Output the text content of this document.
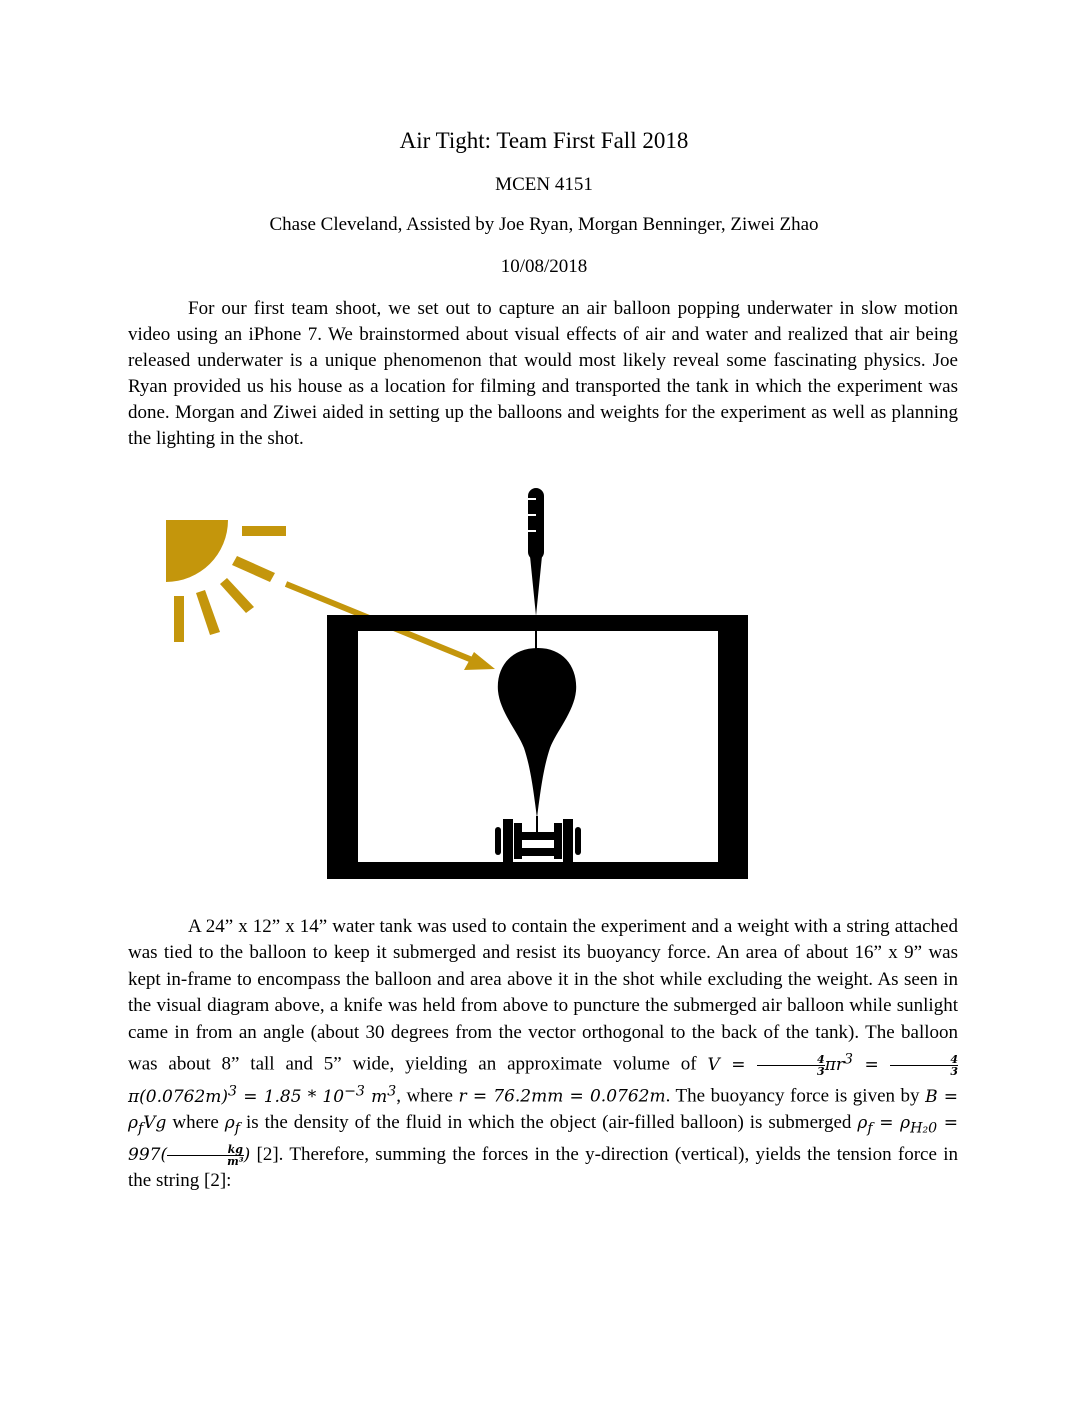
Air Tight: Team First Fall 2018
MCEN 4151
Chase Cleveland, Assisted by Joe Ryan, Morgan Benninger, Ziwei Zhao
10/08/2018

For our first team shoot, we set out to capture an air balloon popping underwater in slow motion video using an iPhone 7. We brainstormed about visual effects of air and water and realized that air being released underwater is a unique phenomenon that would most likely reveal some fascinating physics. Joe Ryan provided us his house as a location for filming and transported the tank in which the experiment was done. Morgan and Ziwei aided in setting up the balloons and weights for the experiment as well as planning the lighting in the shot.

A 24” x 12” x 14” water tank was used to contain the experiment and a weight with a string attached was tied to the balloon to keep it submerged and resist its buoyancy force. An area of about 16” x 9” was kept in-frame to encompass the balloon and area above it in the shot while excluding the weight. As seen in the visual diagram above, a knife was held from above to puncture the submerged air balloon while sunlight came in from an angle (about 30 degrees from the vector orthogonal to the back of the tank). The balloon was about 8” tall and 5” wide, yielding an approximate volume of $V = \frac{4}{3} \pi r^3 = \frac{4}{3}$
$\pi(0.0762m)^3 = 1.85 * 10^{-3}$ $m^3$, where r = 76.2mm = 0.0762m. The buoyancy force is given by $B = \rho_fVg$ where $\rho_f$ is the density of the fluid in which the object (air-filled balloon) is submerged $\rho_f = \rho_{H_20} = 997( \frac{kg}{\text{m³}}$ ) [2]. Therefore, summing the forces in the y-direction (vertical), yields the tension force in the string [2]:
